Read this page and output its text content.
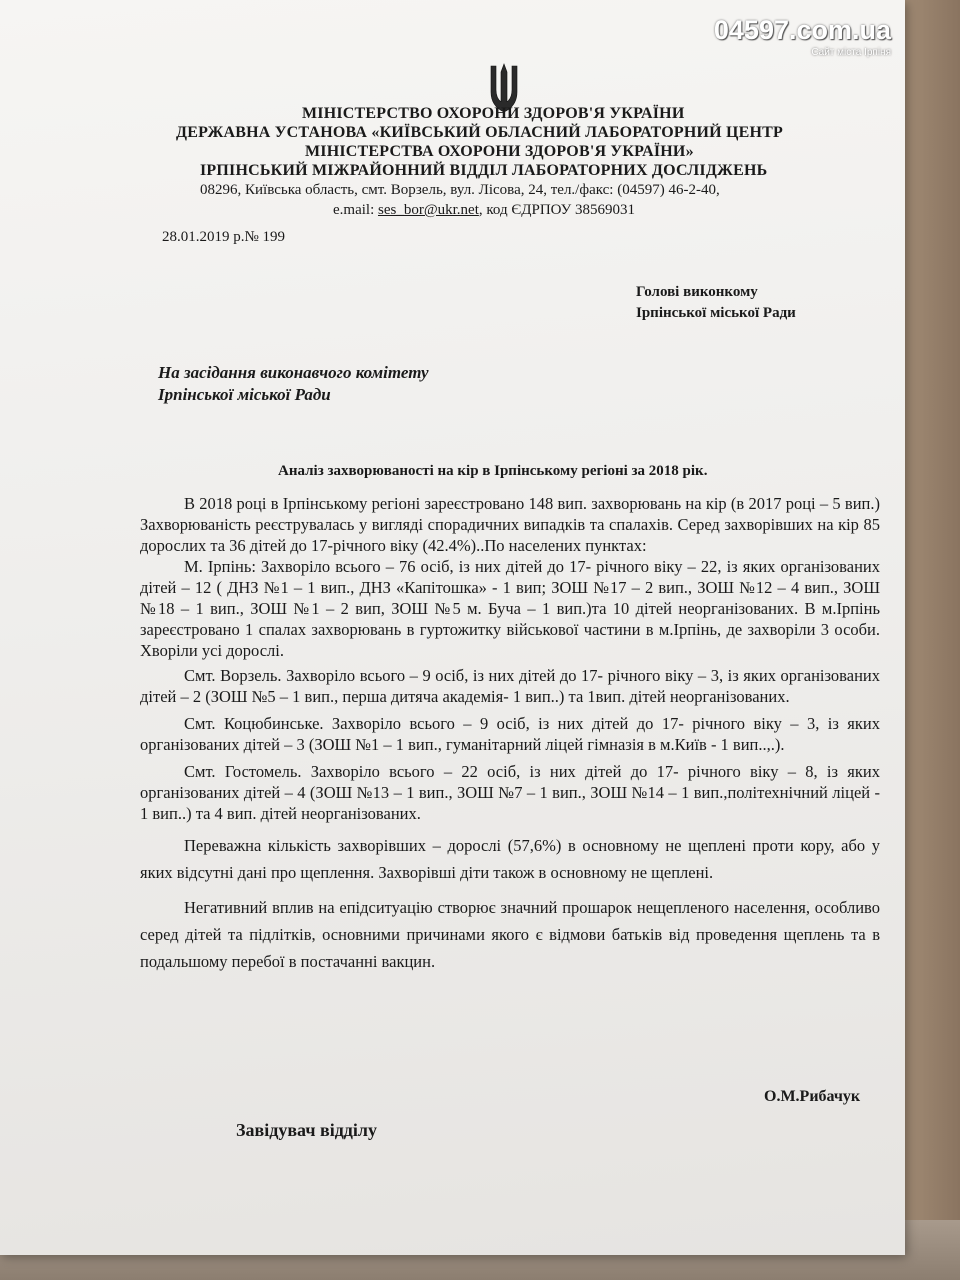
МІНІСТЕРСТВО ОХОРОНИ ЗДОРОВ'Я УКРАЇНИ
ДЕРЖАВНА УСТАНОВА «КИЇВСЬКИЙ ОБЛАСНИЙ ЛАБОРАТОРНИЙ ЦЕНТР
МІНІСТЕРСТВА ОХОРОНИ ЗДОРОВ'Я УКРАЇНИ»
ІРПІНСЬКИЙ МІЖРАЙОННИЙ ВІДДІЛ ЛАБОРАТОРНИХ ДОСЛІДЖЕНЬ
08296, Київська область, смт. Ворзель, вул. Лісова, 24, тел./факс: (04597) 46-2-40,
e.mail: ses_bor@ukr.net, код ЄДРПОУ 38569031
28.01.2019 р.№ 199
Голові виконкому
Ірпінської міської Ради
На засідання виконавчого комітету
Ірпінської міської Ради
Аналіз захворюваності на кір в Ірпінському регіоні за 2018 рік.

В 2018 році в Ірпінському регіоні зареєстровано 148 вип. захворювань на кір (в 2017 році – 5 вип.) Захворюваність реєструвалась у вигляді спорадичних випадків та спалахів. Серед захворівших на кір 85 дорослих та 36 дітей до 17-річного віку (42.4%)..По населених пунктах:

М. Ірпінь: Захворіло всього – 76 осіб, із них дітей до 17- річного віку – 22, із яких організованих дітей – 12 ( ДНЗ №1 – 1 вип., ДНЗ «Капітошка» - 1 вип; ЗОШ №17 – 2 вип., ЗОШ №12 – 4 вип., ЗОШ №18 – 1 вип., ЗОШ №1 – 2 вип, ЗОШ №5 м. Буча – 1 вип.)та 10 дітей неорганізованих. В м.Ірпінь зареєстровано 1 спалах захворювань в гуртожитку військової частини в м.Ірпінь, де захворіли 3 особи. Хворіли усі дорослі.

Смт. Ворзель. Захворіло всього – 9 осіб, із них дітей до 17- річного віку – 3, із яких організованих дітей – 2 (ЗОШ №5 – 1 вип., перша дитяча академія- 1 вип..) та 1вип. дітей неорганізованих.

Смт. Коцюбинське. Захворіло всього – 9 осіб, із них дітей до 17- річного віку – 3, із яких організованих дітей – 3 (ЗОШ №1 – 1 вип., гуманітарний ліцей гімназія в м.Київ - 1 вип..,.).

Смт. Гостомель. Захворіло всього – 22 осіб, із них дітей до 17- річного віку – 8, із яких організованих дітей – 4 (ЗОШ №13 – 1 вип., ЗОШ №7 – 1 вип., ЗОШ №14 – 1 вип.,політехнічний ліцей - 1 вип..) та 4 вип. дітей неорганізованих.

Переважна кількість захворівших – дорослі (57,6%) в основному не щеплені проти кору, або у яких відсутні дані про щеплення. Захворівші діти також в основному не щеплені.

Негативний вплив на епідситуацію створює значний прошарок нещепленого населення, особливо серед дітей та підлітків, основними причинами якого є відмови батьків від проведення щеплень та в подальшому перебої в постачанні вакцин.

О.М.Рибачук
Завідувач відділу
04597.com.ua
Сайт міста Ірпіня
